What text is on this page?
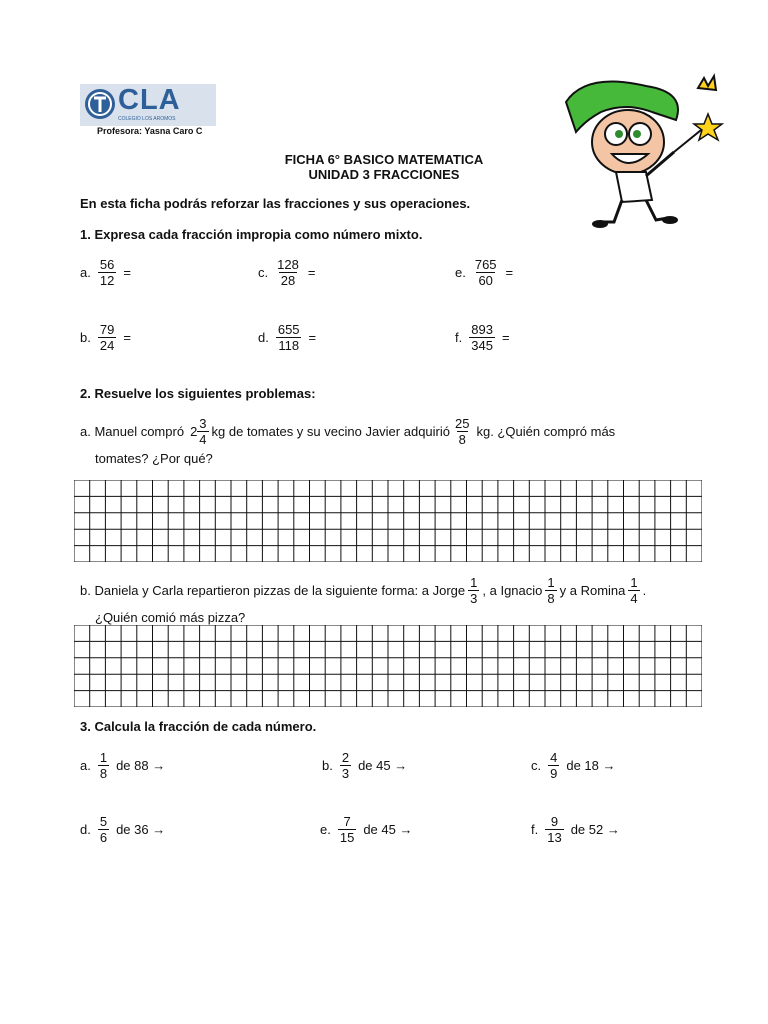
CLA
COLEGIO LOS AROMOS
Profesora: Yasna Caro C
FICHA 6° BASICO MATEMATICA
UNIDAD 3 FRACCIONES
En esta ficha podrás reforzar las fracciones y sus operaciones.
1. Expresa cada fracción impropia como número mixto.
a. $\frac{56}{12}$ =	c. $\frac{128}{28}$ =	e. $\frac{765}{60}$ =
b. $\frac{79}{24}$ =	d. $\frac{655}{118}$ =	f. $\frac{893}{345}$ =
2. Resuelve los siguientes problemas:
a. Manuel compró $2 \frac{3}{4}$ kg de tomates y su vecino Javier adquirió $\frac{25}{8}$ kg. ¿Quién compró más
tomates? ¿Por qué?
b. Daniela y Carla repartieron pizzas de la siguiente forma: a Jorge $\frac{1}{3}$ , a Ignacio $\frac{1}{8}$ y a Romina $\frac{1}{4}$ .
¿Quién comió más pizza?
3. Calcula la fracción de cada número.
a. $\frac{1}{8}$ de 88 →	b. $\frac{2}{3}$ de 45 →	c. $\frac{4}{9}$ de 18 →
d. $\frac{5}{6}$ de 36 →	e. $\frac{7}{15}$ de 45 →	f. $\frac{9}{13}$ de 52 →
